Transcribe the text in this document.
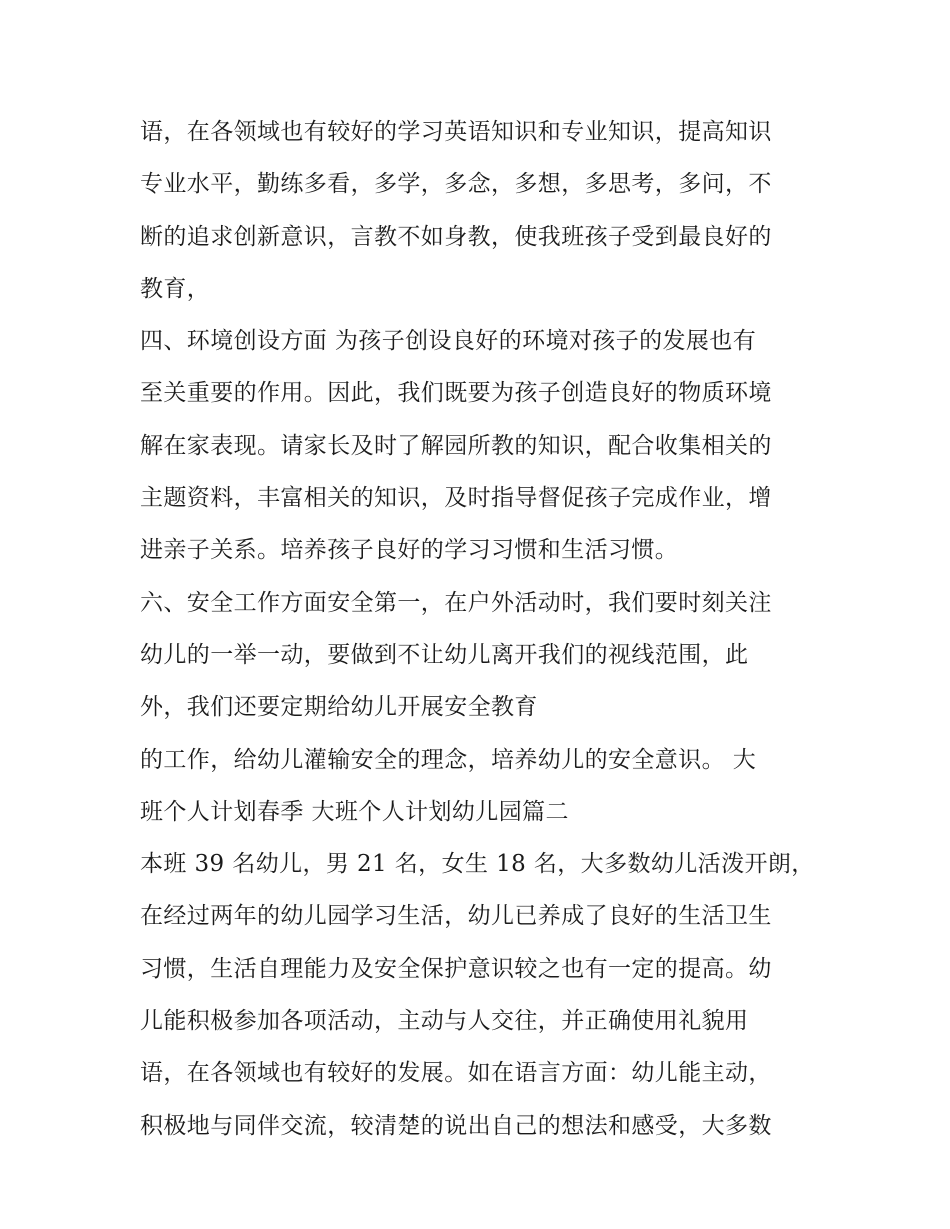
语，在各领域也有较好的学习英语知识和专业知识，提高知识
专业水平，勤练多看，多学，多念，多想，多思考，多问，不
断的追求创新意识，言教不如身教，使我班孩子受到最良好的
教育，
四、环境创设方面 为孩子创设良好的环境对孩子的发展也有
至关重要的作用。因此，我们既要为孩子创造良好的物质环境
解在家表现。请家长及时了解园所教的知识，配合收集相关的
主题资料，丰富相关的知识，及时指导督促孩子完成作业，增
进亲子关系。培养孩子良好的学习习惯和生活习惯。
六、安全工作方面安全第一，在户外活动时，我们要时刻关注
幼儿的一举一动，要做到不让幼儿离开我们的视线范围，此
外，我们还要定期给幼儿开展安全教育
的工作，给幼儿灌输安全的理念，培养幼儿的安全意识。 大
班个人计划春季 大班个人计划幼儿园篇二
本班 39 名幼儿，男 21 名，女生 18 名，大多数幼儿活泼开朗，
在经过两年的幼儿园学习生活，幼儿已养成了良好的生活卫生
习惯，生活自理能力及安全保护意识较之也有一定的提高。幼
儿能积极参加各项活动，主动与人交往，并正确使用礼貌用
语，在各领域也有较好的发展。如在语言方面：幼儿能主动，
积极地与同伴交流，较清楚的说出自己的想法和感受，大多数
